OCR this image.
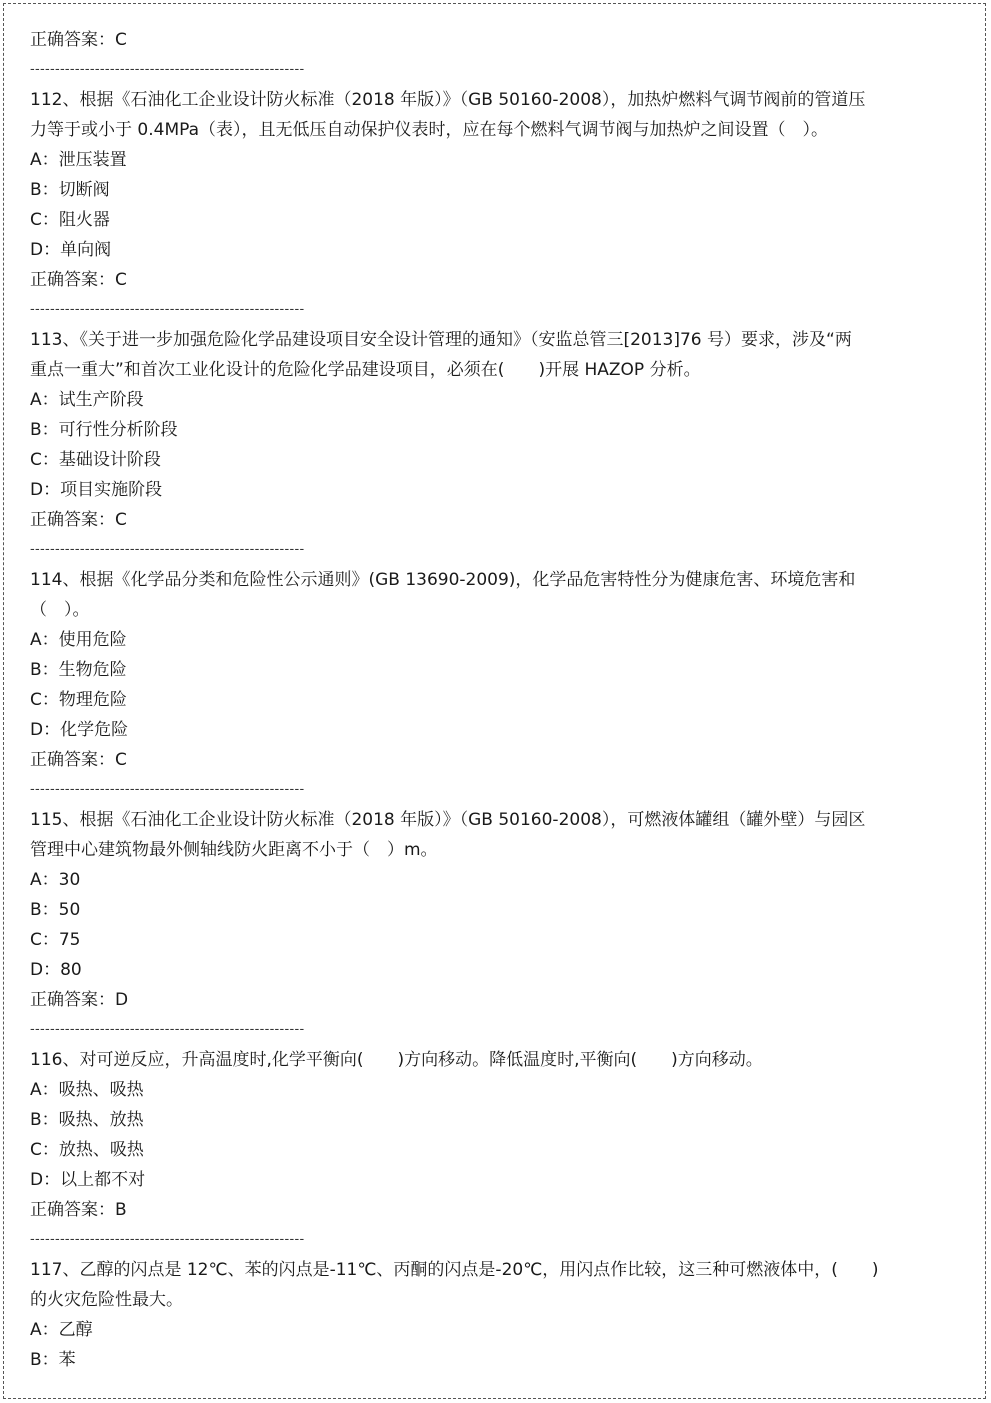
正确答案：C
-------------------------------------------------------
112、根据《石油化工企业设计防火标准（2018 年版）》（GB 50160-2008），加热炉燃料气调节阀前的管道压
力等于或小于 0.4MPa（表），且无低压自动保护仪表时，应在每个燃料气调节阀与加热炉之间设置（　）。
A：泄压装置
B：切断阀
C：阻火器
D：单向阀
正确答案：C
-------------------------------------------------------
113、《关于进一步加强危险化学品建设项目安全设计管理的通知》（安监总管三[2013]76 号）要求，涉及“两
重点一重大”和首次工业化设计的危险化学品建设项目，必须在(　　)开展 HAZOP 分析。
A：试生产阶段
B：可行性分析阶段
C：基础设计阶段
D：项目实施阶段
正确答案：C
-------------------------------------------------------
114、根据《化学品分类和危险性公示通则》(GB 13690-2009)，化学品危害特性分为健康危害、环境危害和
（　）。
A：使用危险
B：生物危险
C：物理危险
D：化学危险
正确答案：C
-------------------------------------------------------
115、根据《石油化工企业设计防火标准（2018 年版）》（GB 50160-2008），可燃液体罐组（罐外壁）与园区
管理中心建筑物最外侧轴线防火距离不小于（　）m。
A：30
B：50
C：75
D：80
正确答案：D
-------------------------------------------------------
116、对可逆反应，升高温度时,化学平衡向(　　)方向移动。降低温度时,平衡向(　　)方向移动。
A：吸热、吸热
B：吸热、放热
C：放热、吸热
D：以上都不对
正确答案：B
-------------------------------------------------------
117、乙醇的闪点是 12℃、苯的闪点是-11℃、丙酮的闪点是-20℃，用闪点作比较，这三种可燃液体中，(　　)
的火灾危险性最大。
A：乙醇
B：苯
